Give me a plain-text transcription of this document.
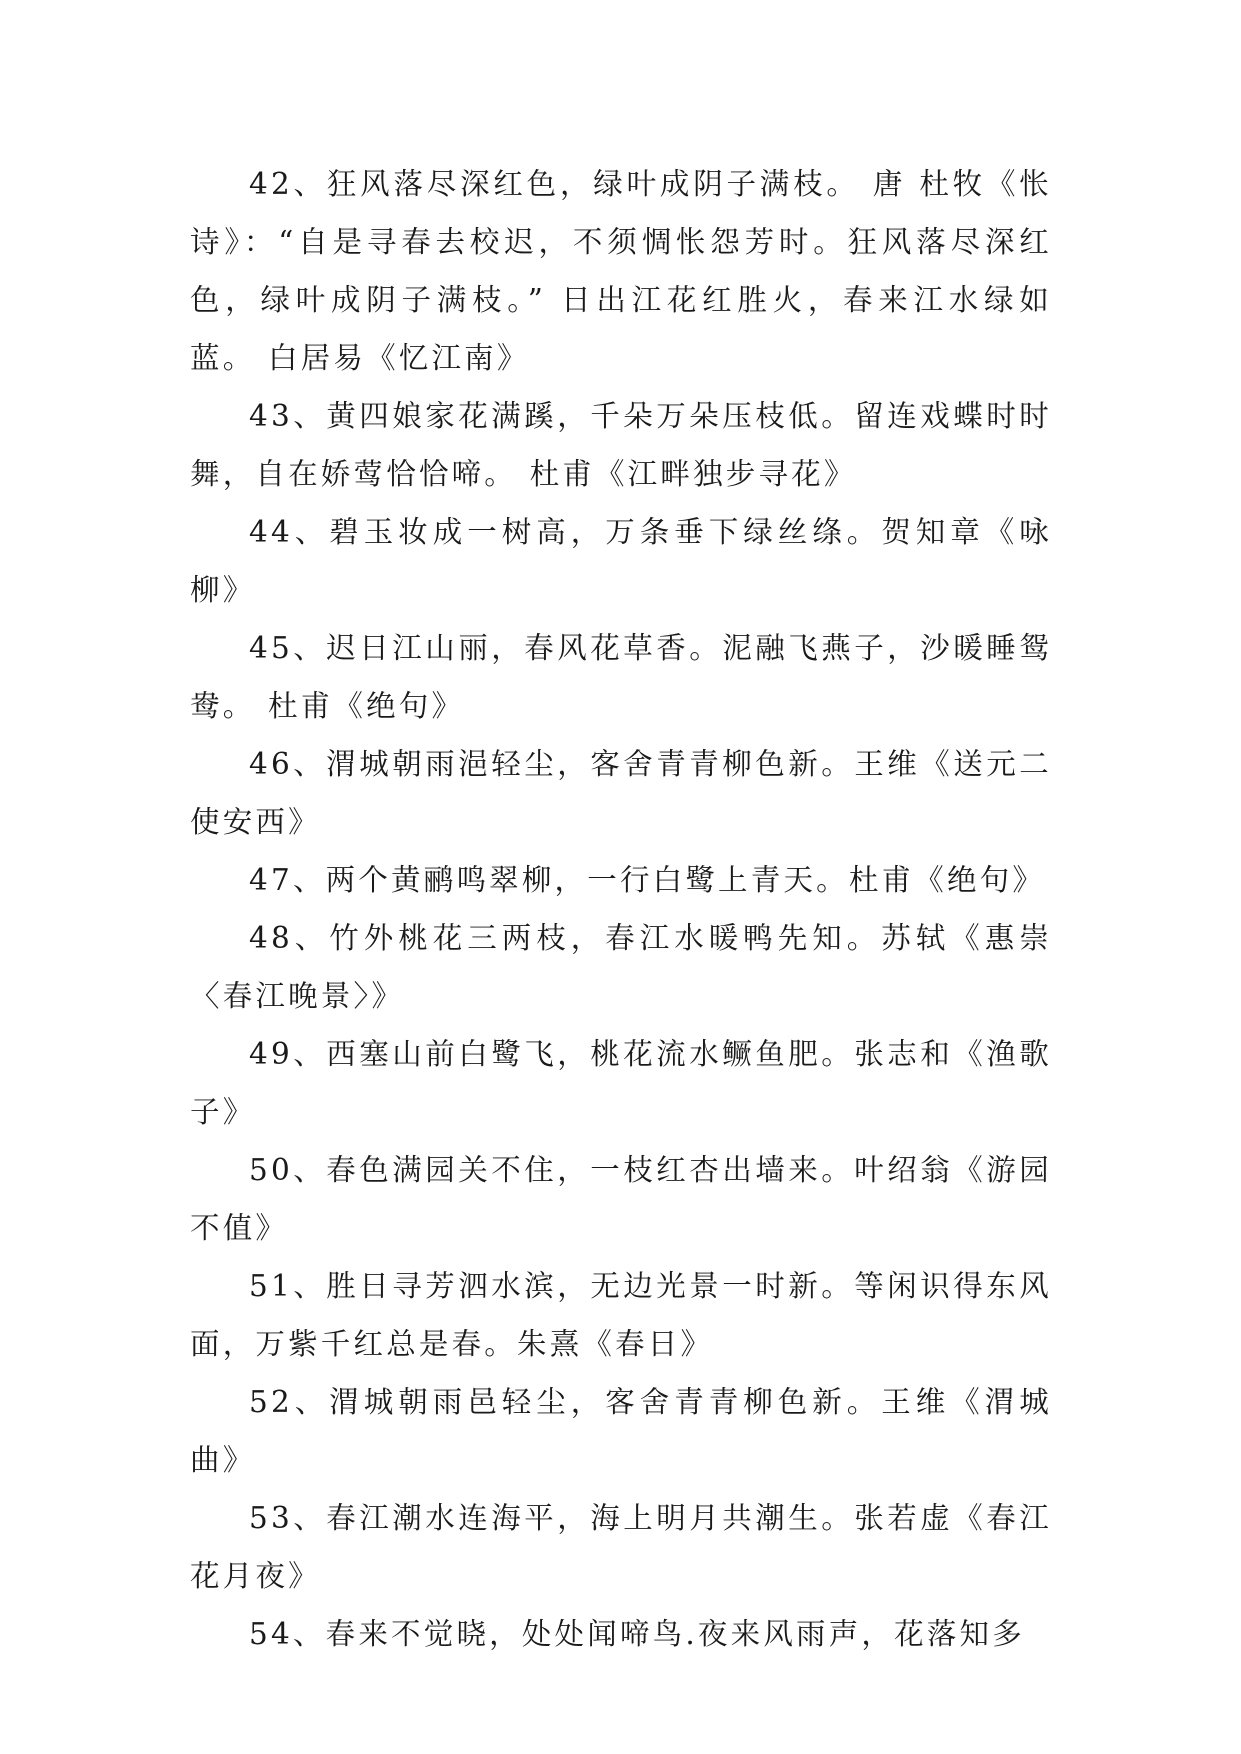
42、狂风落尽深红色，绿叶成阴子满枝。 唐 杜牧《怅诗》：“自是寻春去校迟，不须惆怅怨芳时。狂风落尽深红色，绿叶成阴子满枝。” 日出江花红胜火，春来江水绿如蓝。 白居易《忆江南》

43、黄四娘家花满蹊，千朵万朵压枝低。留连戏蝶时时舞，自在娇莺恰恰啼。 杜甫《江畔独步寻花》

44、碧玉妆成一树高，万条垂下绿丝绦。贺知章《咏柳》

45、迟日江山丽，春风花草香。泥融飞燕子，沙暖睡鸳鸯。 杜甫《绝句》

46、渭城朝雨浥轻尘，客舍青青柳色新。王维《送元二使安西》

47、两个黄鹂鸣翠柳，一行白鹭上青天。杜甫《绝句》

48、竹外桃花三两枝，春江水暖鸭先知。苏轼《惠崇〈春江晚景〉》

49、西塞山前白鹭飞，桃花流水鳜鱼肥。张志和《渔歌子》

50、春色满园关不住，一枝红杏出墙来。叶绍翁《游园不值》

51、胜日寻芳泗水滨，无边光景一时新。等闲识得东风面，万紫千红总是春。朱熹《春日》

52、渭城朝雨邑轻尘，客舍青青柳色新。王维《渭城曲》

53、春江潮水连海平，海上明月共潮生。张若虚《春江花月夜》

54、春来不觉晓，处处闻啼鸟.夜来风雨声，花落知多
